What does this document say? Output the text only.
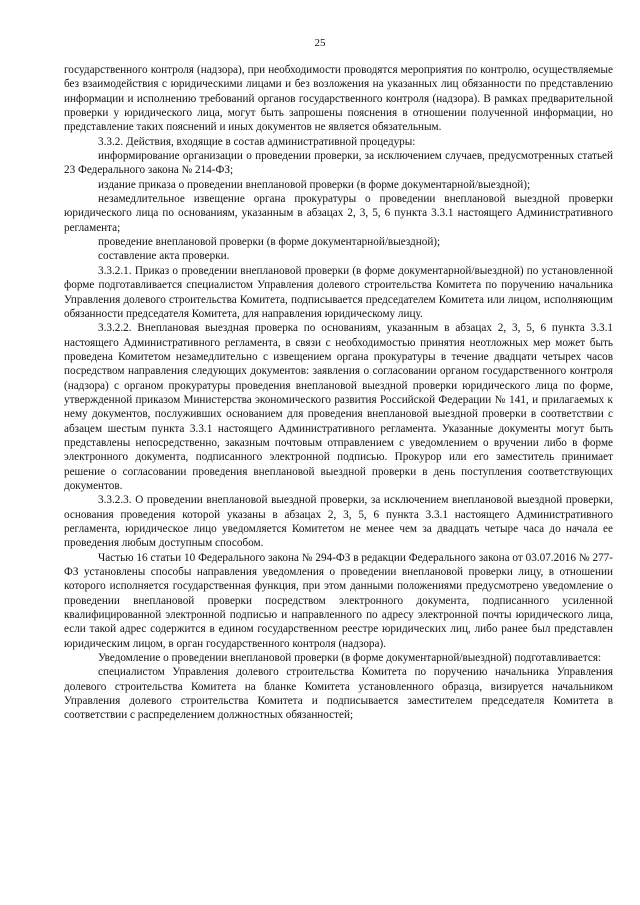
25

государственного контроля (надзора), при необходимости проводятся мероприятия по контролю, осуществляемые без взаимодействия с юридическими лицами и без возложения на указанных лиц обязанности по представлению информации и исполнению требований органов государственного контроля (надзора). В рамках предварительной проверки у юридического лица, могут быть запрошены пояснения в отношении полученной информации, но представление таких пояснений и иных документов не является обязательным.

3.3.2. Действия, входящие в состав административной процедуры:

информирование организации о проведении проверки, за исключением случаев, предусмотренных статьей 23 Федерального закона № 214-ФЗ;

издание приказа о проведении внеплановой проверки (в форме документарной/выездной);

незамедлительное извещение органа прокуратуры о проведении внеплановой выездной проверки юридического лица по основаниям, указанным в абзацах 2, 3, 5, 6 пункта 3.3.1 настоящего Административного регламента;

проведение внеплановой проверки (в форме документарной/выездной);

составление акта проверки.

3.3.2.1. Приказ о проведении внеплановой проверки (в форме документарной/выездной) по установленной форме подготавливается специалистом Управления долевого строительства Комитета по поручению начальника Управления долевого строительства Комитета, подписывается председателем Комитета или лицом, исполняющим обязанности председателя Комитета, для направления юридическому лицу.

3.3.2.2. Внеплановая выездная проверка по основаниям, указанным в абзацах 2, 3, 5, 6 пункта 3.3.1 настоящего Административного регламента, в связи с необходимостью принятия неотложных мер может быть проведена Комитетом незамедлительно с извещением органа прокуратуры в течение двадцати четырех часов посредством направления следующих документов: заявления о согласовании органом государственного контроля (надзора) с органом прокуратуры проведения внеплановой выездной проверки юридического лица по форме, утвержденной приказом Министерства экономического развития Российской Федерации № 141, и прилагаемых к нему документов, послуживших основанием для проведения внеплановой выездной проверки в соответствии с абзацем шестым пункта 3.3.1 настоящего Административного регламента. Указанные документы могут быть представлены непосредственно, заказным почтовым отправлением с уведомлением о вручении либо в форме электронного документа, подписанного электронной подписью. Прокурор или его заместитель принимает решение о согласовании проведения внеплановой выездной проверки в день поступления соответствующих документов.

3.3.2.3. О проведении внеплановой выездной проверки, за исключением внеплановой выездной проверки, основания проведения которой указаны в абзацах 2, 3, 5, 6 пункта 3.3.1 настоящего Административного регламента, юридическое лицо уведомляется Комитетом не менее чем за двадцать четыре часа до начала ее проведения любым доступным способом.

Частью 16 статьи 10 Федерального закона № 294-ФЗ в редакции Федерального закона от 03.07.2016 № 277-ФЗ установлены способы направления уведомления о проведении внеплановой проверки лицу, в отношении которого исполняется государственная функция, при этом данными положениями предусмотрено уведомление о проведении внеплановой проверки посредством электронного документа, подписанного усиленной квалифицированной электронной подписью и направленного по адресу электронной почты юридического лица, если такой адрес содержится в едином государственном реестре юридических лиц, либо ранее был представлен юридическим лицом, в орган государственного контроля (надзора).

Уведомление о проведении внеплановой проверки (в форме документарной/выездной) подготавливается:

специалистом Управления долевого строительства Комитета по поручению начальника Управления долевого строительства Комитета на бланке Комитета установленного образца, визируется начальником Управления долевого строительства Комитета и подписывается заместителем председателя Комитета в соответствии с распределением должностных обязанностей;
